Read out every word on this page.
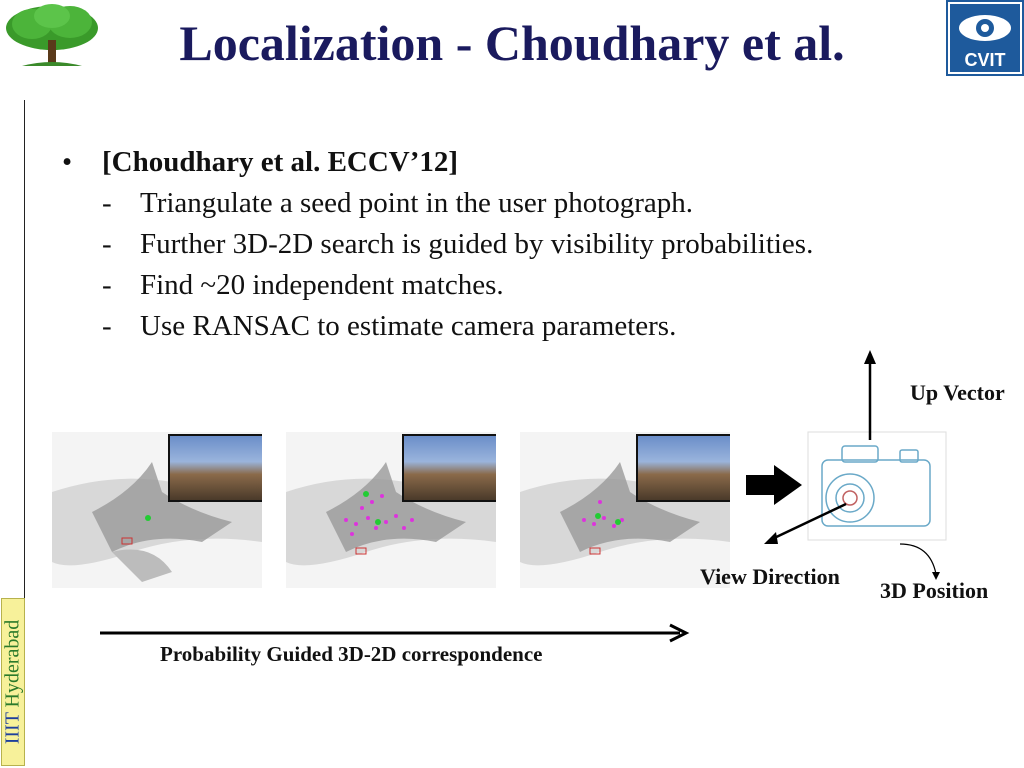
Localization - Choudhary et al.	CVIT
IIIT Hyderabad
• [Choudhary et al. ECCV’12]
- Triangulate a seed point in the user photograph.
- Further 3D-2D search is guided by visibility probabilities.
- Find ~20 independent matches.
- Use RANSAC to estimate camera parameters.
Up Vector
View Direction
3D Position
Probability Guided 3D-2D correspondence
